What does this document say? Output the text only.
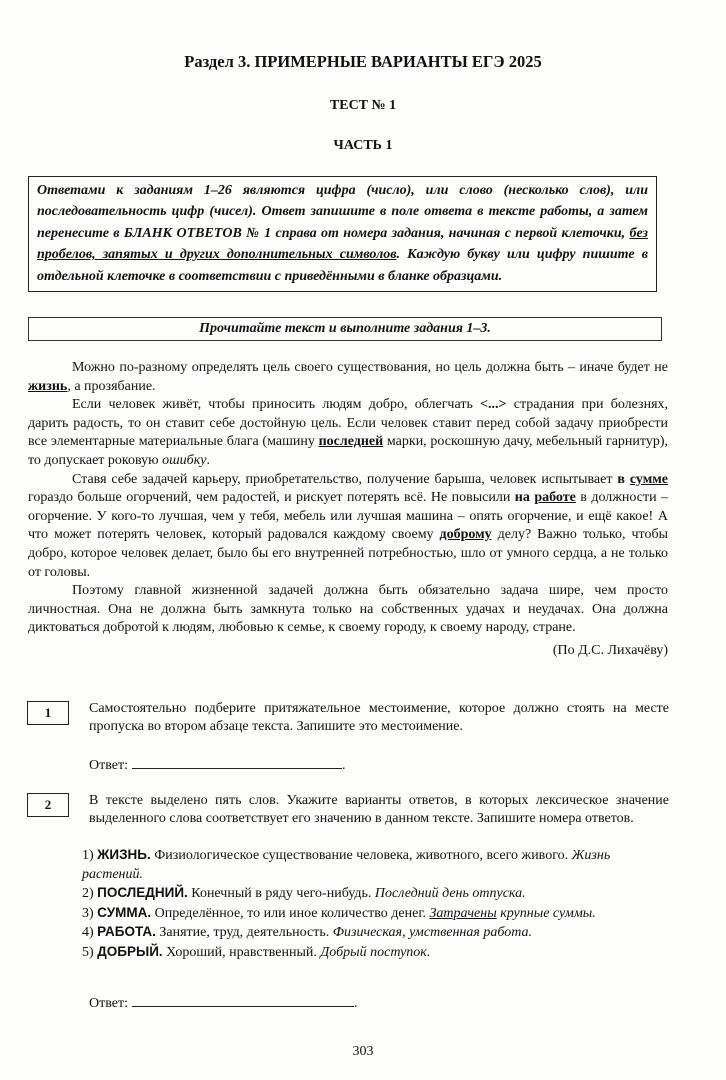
Раздел 3. ПРИМЕРНЫЕ ВАРИАНТЫ ЕГЭ 2025
ТЕСТ № 1
ЧАСТЬ 1
Ответами к заданиям 1–26 являются цифра (число), или слово (несколько слов), или последовательность цифр (чисел). Ответ запишите в поле ответа в тексте работы, а затем перенесите в БЛАНК ОТВЕТОВ № 1 справа от номера задания, начиная с первой клеточки, без пробелов, запятых и других дополнительных символов. Каждую букву или цифру пишите в отдельной клеточке в соответствии с приведёнными в бланке образцами.
Прочитайте текст и выполните задания 1–3.

Можно по-разному определять цель своего существования, но цель должна быть – иначе будет не жизнь, а прозябание.

Если человек живёт, чтобы приносить людям добро, облегчать <...> страдания при болезнях, дарить радость, то он ставит себе достойную цель. Если человек ставит перед собой задачу приобрести все элементарные материальные блага (машину последней марки, роскошную дачу, мебельный гарнитур), то допускает роковую ошибку.

Ставя себе задачей карьеру, приобретательство, получение барыша, человек испытывает в сумме гораздо больше огорчений, чем радостей, и рискует потерять всё. Не повысили на работе в должности – огорчение. У кого-то лучшая, чем у тебя, мебель или лучшая машина – опять огорчение, и ещё какое! А что может потерять человек, который радовался каждому своему доброму делу? Важно только, чтобы добро, которое человек делает, было бы его внутренней потребностью, шло от умного сердца, а не только от головы.

Поэтому главной жизненной задачей должна быть обязательно задача шире, чем просто личностная. Она не должна быть замкнута только на собственных удачах и неудачах. Она должна диктоваться добротой к людям, любовью к семье, к своему городу, к своему народу, стране.

(По Д.С. Лихачёву)

1	Самостоятельно подберите притяжательное местоимение, которое должно стоять на месте пропуска во втором абзаце текста. Запишите это местоимение.
Ответ:	.
2	В тексте выделено пять слов. Укажите варианты ответов, в которых лексическое значение выделенного слова соответствует его значению в данном тексте. Запишите номера ответов.
1) ЖИЗНЬ. Физиологическое существование человека, животного, всего живого. Жизнь растений.
2) ПОСЛЕДНИЙ. Конечный в ряду чего-нибудь. Последний день отпуска.
3) СУММА. Определённое, то или иное количество денег. Затрачены крупные суммы.
4) РАБОТА. Занятие, труд, деятельность. Физическая, умственная работа.
5) ДОБРЫЙ. Хороший, нравственный. Добрый поступок.
Ответ:	.
303
